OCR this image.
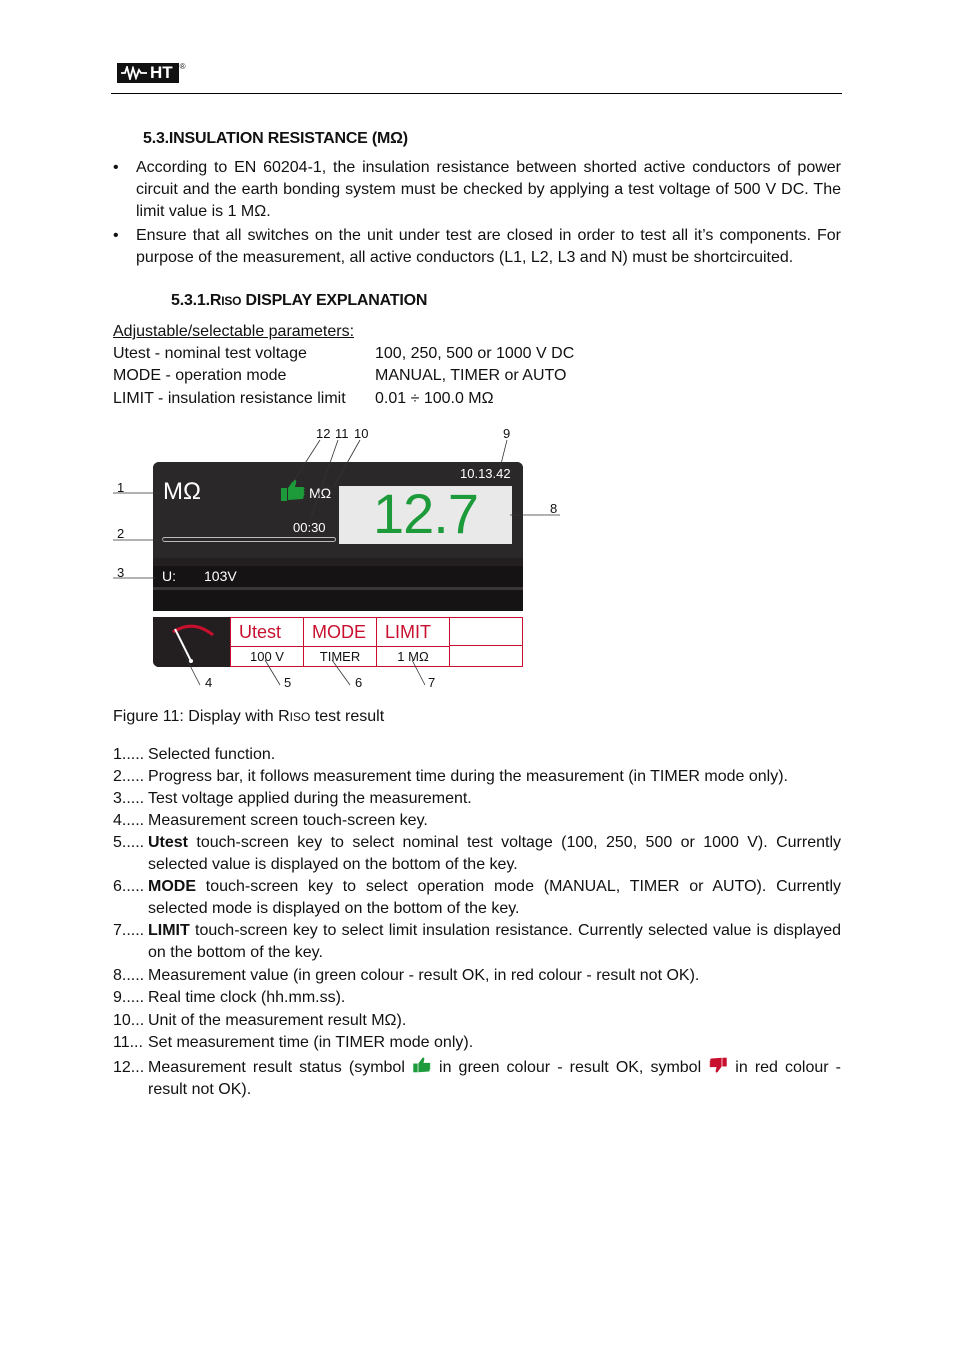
HT ®
5.3.INSULATION RESISTANCE (MΩ)
• According to EN 60204-1, the insulation resistance between shorted active conductors of power circuit and the earth bonding system must be checked by applying a test voltage of 500 V DC. The limit value is 1 MΩ.
• Ensure that all switches on the unit under test are closed in order to test all it’s components. For purpose of the measurement, all active conductors (L1, L2, L3 and N) must be shortcircuited.
5.3.1.RISO DISPLAY EXPLANATION
Adjustable/selectable parameters:
Utest - nominal test voltage	100, 250, 500 or 1000 V DC
MODE - operation mode	MANUAL, TIMER or AUTO
LIMIT - insulation resistance limit 0.01 ÷ 100.0 MΩ
MΩ	MΩ
00:30
10.13.42
12.7
U: 103V
Utest
100 V
MODE
TIMER
LIMIT
1 MΩ
1
2
3
4	5	6	7
8
9
10
11
12
Figure 11: Display with RISO test result
1..... Selected function.
2..... Progress bar, it follows measurement time during the measurement (in TIMER mode only).
3..... Test voltage applied during the measurement.
4..... Measurement screen touch-screen key.
5..... Utest touch-screen key to select nominal test voltage (100, 250, 500 or 1000 V). Currently selected value is displayed on the bottom of the key.
6..... MODE touch-screen key to select operation mode (MANUAL, TIMER or AUTO). Currently selected mode is displayed on the bottom of the key.
7..... LIMIT touch-screen key to select limit insulation resistance. Currently selected value is displayed on the bottom of the key.
8..... Measurement value (in green colour - result OK, in red colour - result not OK).
9..... Real time clock (hh.mm.ss).
10... Unit of the measurement result MΩ).
11... Set measurement time (in TIMER mode only).
12... Measurement result status (symbol  in green colour - result OK, symbol  in red colour - result not OK).
